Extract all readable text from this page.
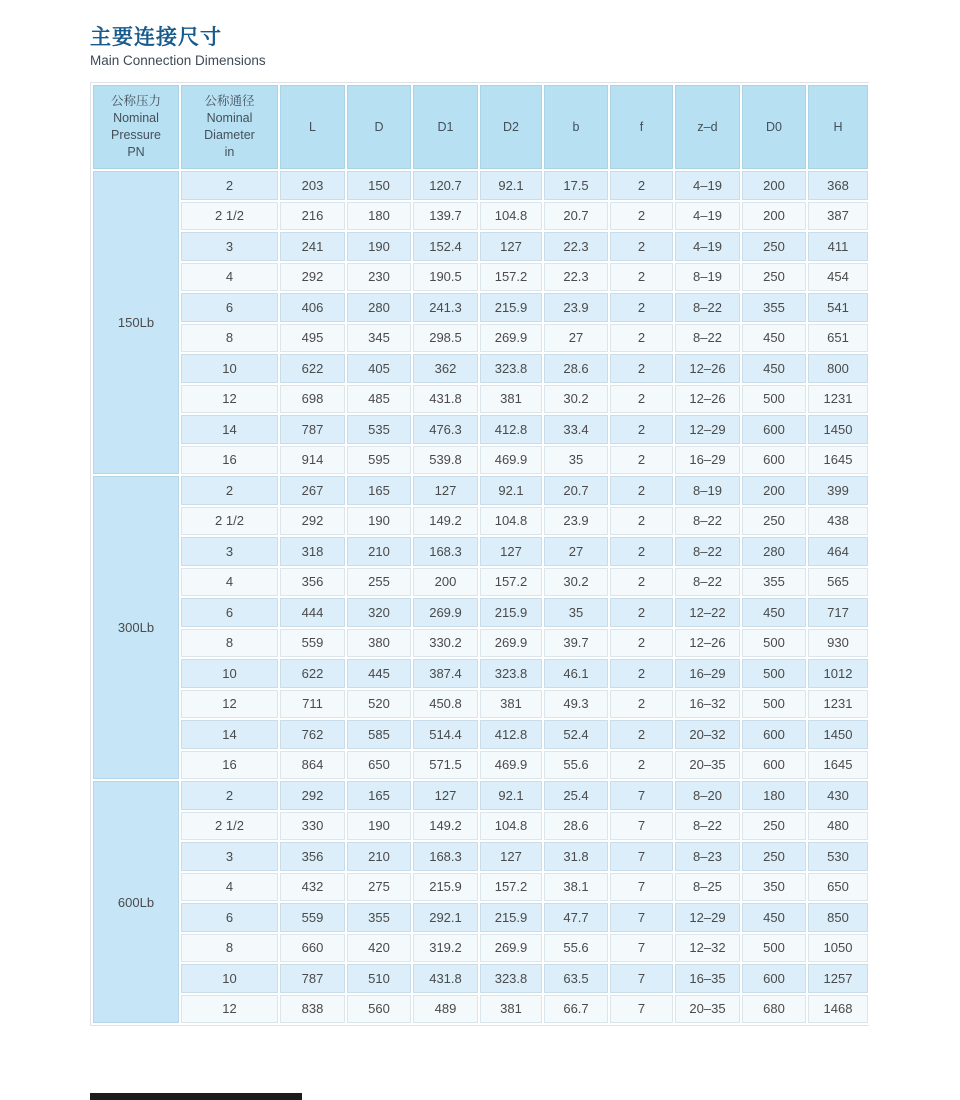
主要连接尺寸
Main Connection Dimensions
公称压力
Nominal
Pressure
PN	公称通径
Nominal
Diameter
in	L	D	D1	D2	b	f	z–d	D0	H
150Lb	2	203	150	120.7	92.1	17.5	2	4–19	200	368
	2 1/2	216	180	139.7	104.8	20.7	2	4–19	200	387
	3	241	190	152.4	127	22.3	2	4–19	250	411
	4	292	230	190.5	157.2	22.3	2	8–19	250	454
	6	406	280	241.3	215.9	23.9	2	8–22	355	541
	8	495	345	298.5	269.9	27	2	8–22	450	651
	10	622	405	362	323.8	28.6	2	12–26	450	800
	12	698	485	431.8	381	30.2	2	12–26	500	1231
	14	787	535	476.3	412.8	33.4	2	12–29	600	1450
	16	914	595	539.8	469.9	35	2	16–29	600	1645
300Lb	2	267	165	127	92.1	20.7	2	8–19	200	399
	2 1/2	292	190	149.2	104.8	23.9	2	8–22	250	438
	3	318	210	168.3	127	27	2	8–22	280	464
	4	356	255	200	157.2	30.2	2	8–22	355	565
	6	444	320	269.9	215.9	35	2	12–22	450	717
	8	559	380	330.2	269.9	39.7	2	12–26	500	930
	10	622	445	387.4	323.8	46.1	2	16–29	500	1012
	12	711	520	450.8	381	49.3	2	16–32	500	1231
	14	762	585	514.4	412.8	52.4	2	20–32	600	1450
	16	864	650	571.5	469.9	55.6	2	20–35	600	1645
600Lb	2	292	165	127	92.1	25.4	7	8–20	180	430
	2 1/2	330	190	149.2	104.8	28.6	7	8–22	250	480
	3	356	210	168.3	127	31.8	7	8–23	250	530
	4	432	275	215.9	157.2	38.1	7	8–25	350	650
	6	559	355	292.1	215.9	47.7	7	12–29	450	850
	8	660	420	319.2	269.9	55.6	7	12–32	500	1050
	10	787	510	431.8	323.8	63.5	7	16–35	600	1257
	12	838	560	489	381	66.7	7	20–35	680	1468
